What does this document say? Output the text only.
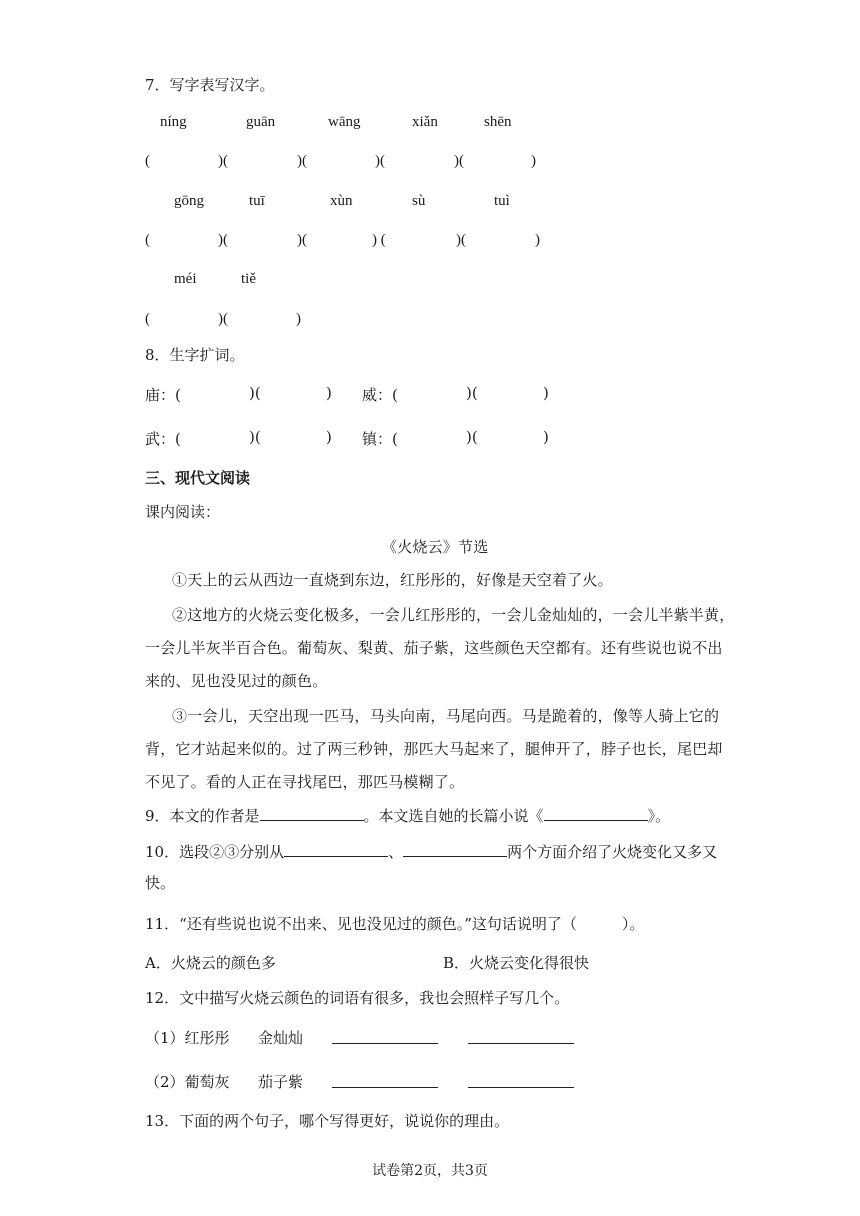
7．写字表写汉字。
níng	guān	wāng	xiǎn	shēn
(	)(	)(	)(	)(	)
gōng	tuī	xùn	sù	tuì
(	)(	)(	) (	)(	)
méi	tiě
(	)(	)
8．生字扩词。
庙：(	)(	) 威：(	)(	)
武：(	)(	) 镇：(	)(	)
三、现代文阅读
课内阅读：
《火烧云》节选
①天上的云从西边一直烧到东边，红彤彤的，好像是天空着了火。
②这地方的火烧云变化极多，一会儿红彤彤的，一会儿金灿灿的，一会儿半紫半黄，
一会儿半灰半百合色。葡萄灰、梨黄、茄子紫，这些颜色天空都有。还有些说也说不出
来的、见也没见过的颜色。
③一会儿，天空出现一匹马，马头向南，马尾向西。马是跪着的，像等人骑上它的
背，它才站起来似的。过了两三秒钟，那匹大马起来了，腿伸开了，脖子也长，尾巴却
不见了。看的人正在寻找尾巴，那匹马模糊了。
9．本文的作者是	。本文选自她的长篇小说《	》。
10．选段②③分别从	、	两个方面介绍了火烧变化又多又
快。
11．“还有些说也说不出来、见也没见过的颜色。”这句话说明了（　　　）。
A．火烧云的颜色多	B．火烧云变化得很快
12．文中描写火烧云颜色的词语有很多，我也会照样子写几个。
（1）红彤彤 金灿灿
（2）葡萄灰 茄子紫
13．下面的两个句子，哪个写得更好，说说你的理由。
试卷第2页，共3页
